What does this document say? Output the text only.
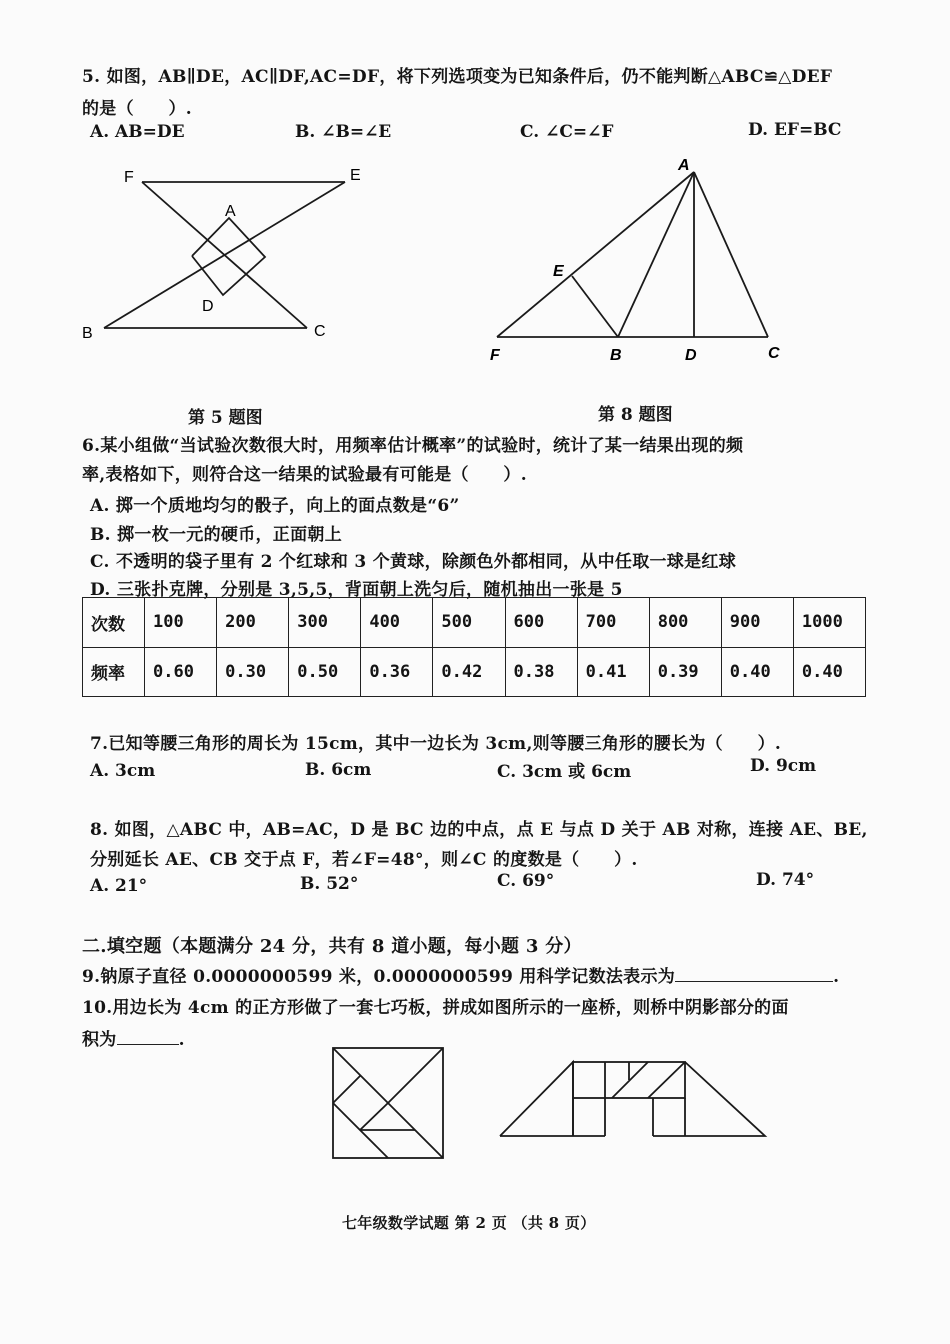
5. 如图，AB∥DE，AC∥DF,AC=DF，将下列选项变为已知条件后，仍不能判断△ABC≌△DEF
的是（　　）.
A. AB=DE	B. ∠B=∠E	C. ∠C=∠F	D. EF=BC
F	E
A
D
B	C
A
E
F	B	D	C
第 5 题图	第 8 题图
6.某小组做“当试验次数很大时，用频率估计概率”的试验时，统计了某一结果出现的频
率,表格如下，则符合这一结果的试验最有可能是（　　）.
A. 掷一个质地均匀的骰子，向上的面点数是“6”
B. 掷一枚一元的硬币，正面朝上
C. 不透明的袋子里有 2 个红球和 3 个黄球，除颜色外都相同，从中任取一球是红球
D. 三张扑克牌，分别是 3,5,5，背面朝上洗匀后，随机抽出一张是 5
次数	100	200	300	400	500	600	700	800	900	1000
频率	0.60	0.30	0.50	0.36	0.42	0.38	0.41	0.39	0.40	0.40
7.已知等腰三角形的周长为 15cm，其中一边长为 3cm,则等腰三角形的腰长为（　　）.
A. 3cm	B. 6cm	C. 3cm 或 6cm	D. 9cm
8. 如图，△ABC 中，AB=AC，D 是 BC 边的中点，点 E 与点 D 关于 AB 对称，连接 AE、BE,
分别延长 AE、CB 交于点 F，若∠F=48°，则∠C 的度数是（　　）.
A. 21°	B. 52°	C. 69°	D. 74°
二.填空题（本题满分 24 分，共有 8 道小题，每小题 3 分）
9.钠原子直径 0.0000000599 米，0.0000000599 用科学记数法表示为	.
10.用边长为 4cm 的正方形做了一套七巧板，拼成如图所示的一座桥，则桥中阴影部分的面
积为	.
七年级数学试题 第 2 页 （共 8 页）
